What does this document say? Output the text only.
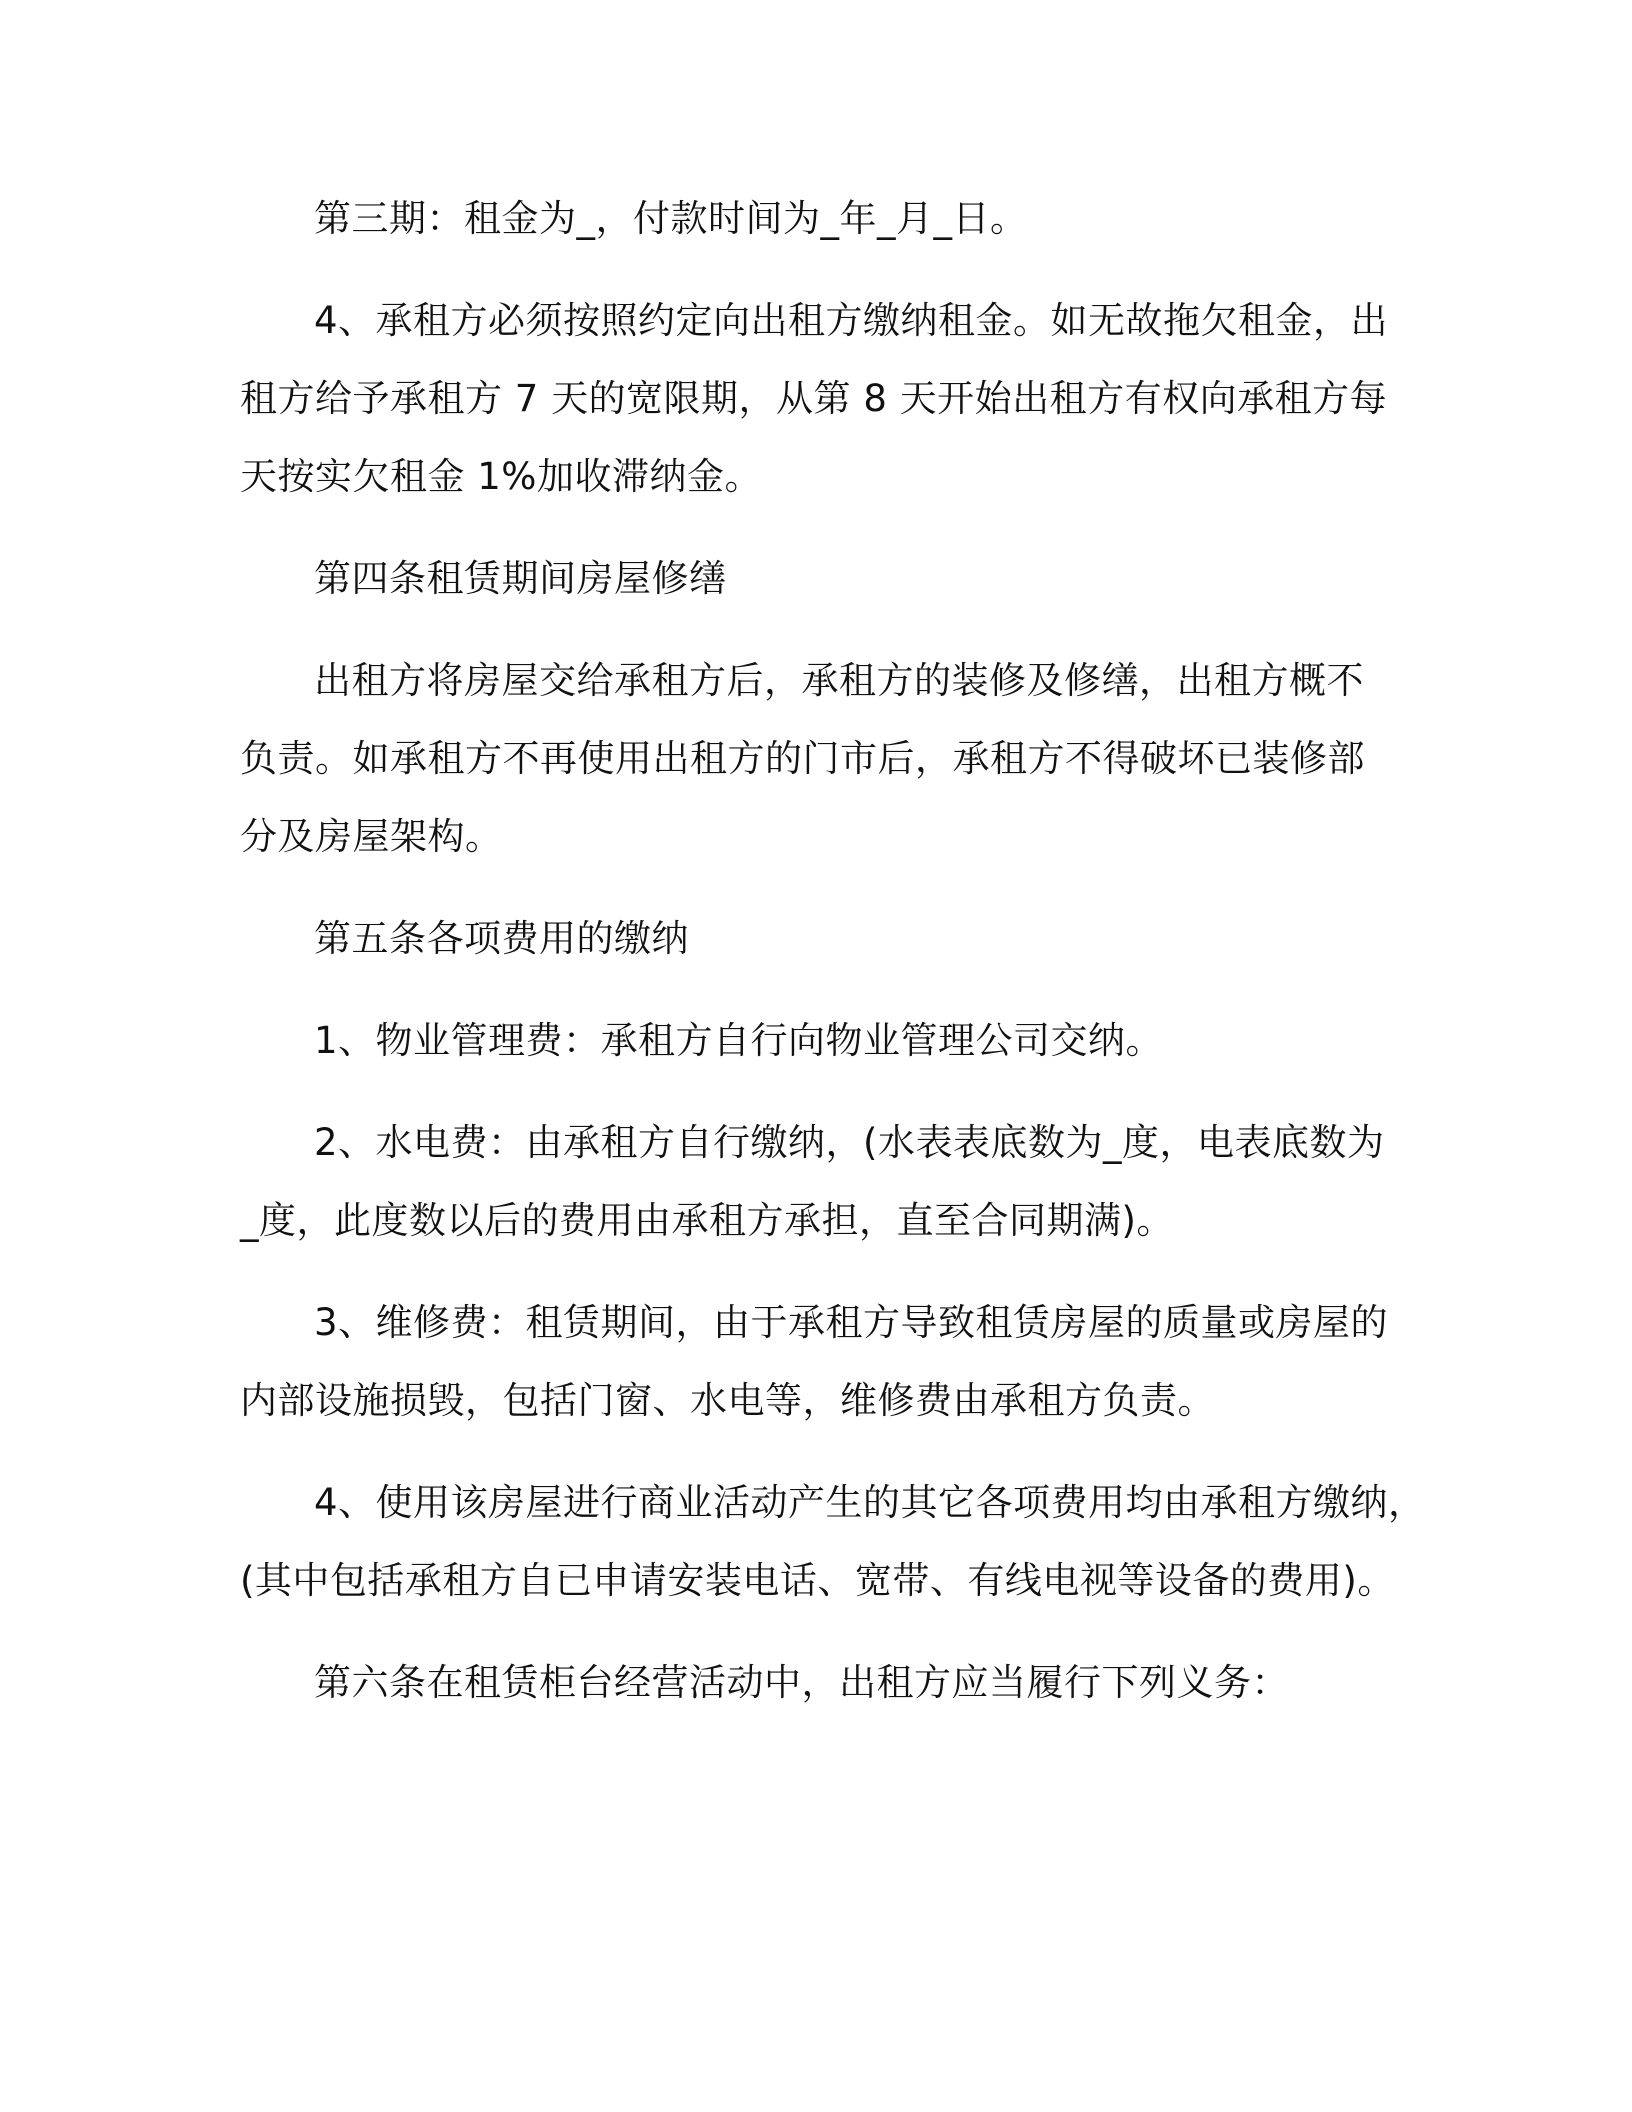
第三期：租金为_，付款时间为_年_月_日。
4、承租方必须按照约定向出租方缴纳租金。如无故拖欠租金，出
租方给予承租方 7 天的宽限期，从第 8 天开始出租方有权向承租方每
天按实欠租金 1%加收滞纳金。
第四条租赁期间房屋修缮
出租方将房屋交给承租方后，承租方的装修及修缮，出租方概不
负责。如承租方不再使用出租方的门市后，承租方不得破坏已装修部
分及房屋架构。
第五条各项费用的缴纳
1、物业管理费：承租方自行向物业管理公司交纳。
2、水电费：由承租方自行缴纳，(水表表底数为_度，电表底数为
_度，此度数以后的费用由承租方承担，直至合同期满)。
3、维修费：租赁期间，由于承租方导致租赁房屋的质量或房屋的
内部设施损毁，包括门窗、水电等，维修费由承租方负责。
4、使用该房屋进行商业活动产生的其它各项费用均由承租方缴纳，
(其中包括承租方自已申请安装电话、宽带、有线电视等设备的费用)。
第六条在租赁柜台经营活动中，出租方应当履行下列义务：
